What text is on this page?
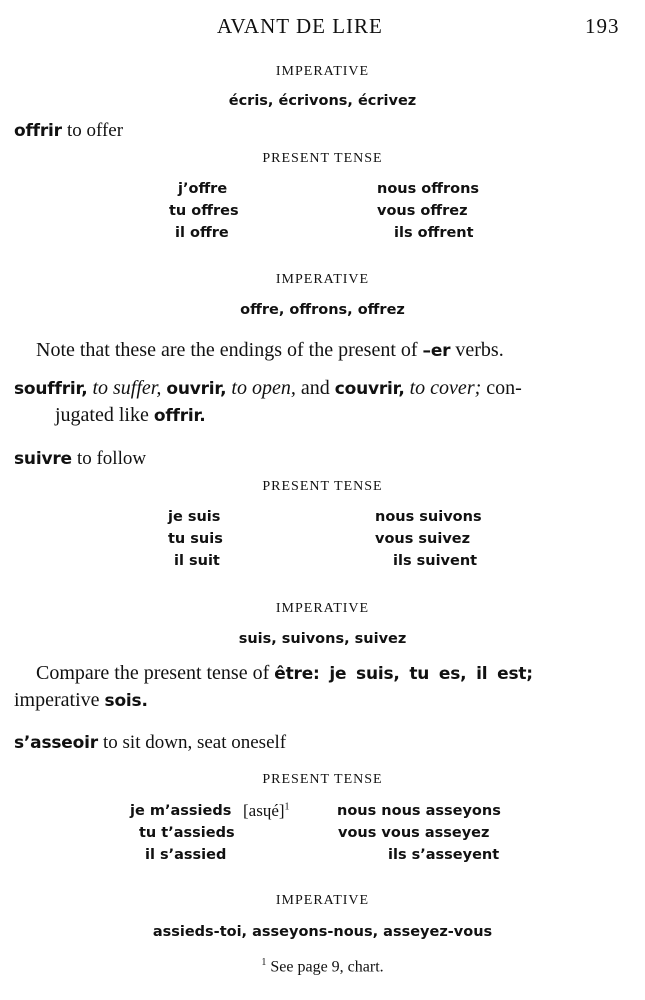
AVANT DE LIRE	193
IMPERATIVE
écris, écrivons, écrivez
offrir to offer
PRESENT TENSE
j’offre
tu offres
il offre
nous offrons
vous offrez
ils offrent
IMPERATIVE
offre, offrons, offrez
Note that these are the endings of the present of –er verbs.
souffrir, to suffer, ouvrir, to open, and couvrir, to cover; con-
jugated like offrir.
suivre to follow
PRESENT TENSE
je suis
tu suis
il suit
nous suivons
vous suivez
ils suivent
IMPERATIVE
suis, suivons, suivez
Compare the present tense of être: je suis, tu es, il est;
imperative sois.
s’asseoir to sit down, seat oneself
PRESENT TENSE
je m’assieds [asɥé]$^1$
tu t’assieds
il s’assied
nous nous asseyons
vous vous asseyez
ils s’asseyent
IMPERATIVE
assieds-toi, asseyons-nous, asseyez-vous
$^1$ See page 9, chart.
